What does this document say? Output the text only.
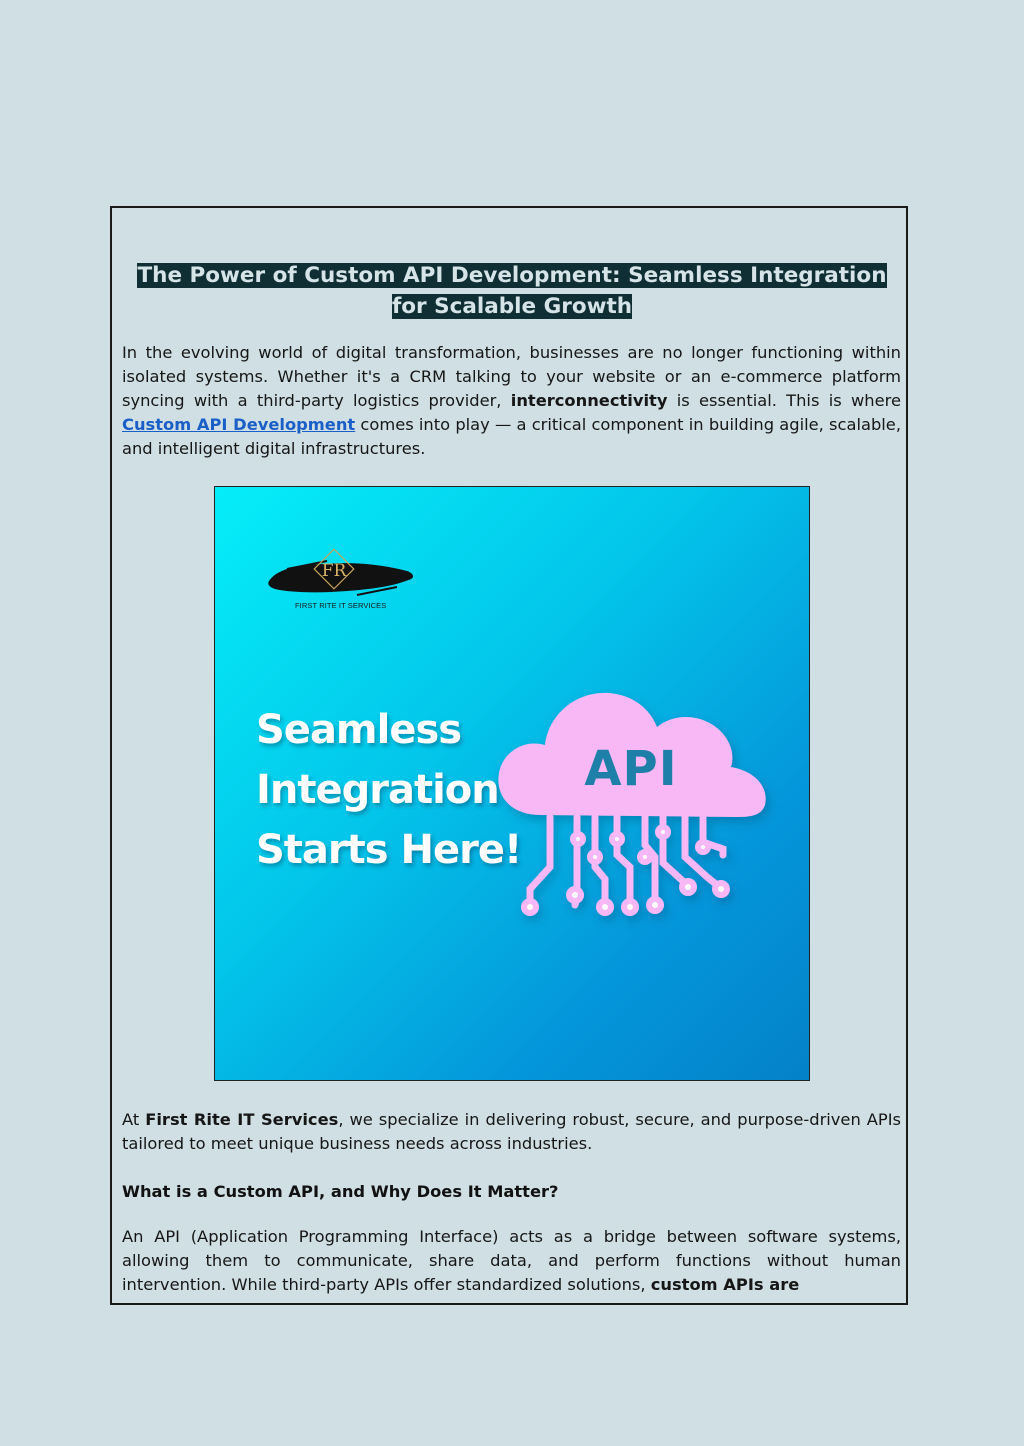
The Power of Custom API Development: Seamless Integration for Scalable Growth

In the evolving world of digital transformation, businesses are no longer functioning within isolated systems. Whether it's a CRM talking to your website or an e-commerce platform syncing with a third-party logistics provider, interconnectivity is essential. This is where Custom API Development comes into play — a critical component in building agile, scalable, and intelligent digital infrastructures.

FR
FIRST RITE IT SERVICES
Seamless
Integration
Starts Here!
API

At First Rite IT Services, we specialize in delivering robust, secure, and purpose-driven APIs tailored to meet unique business needs across industries.

What is a Custom API, and Why Does It Matter?

An API (Application Programming Interface) acts as a bridge between software systems, allowing them to communicate, share data, and perform functions without human intervention. While third-party APIs offer standardized solutions, custom APIs are
